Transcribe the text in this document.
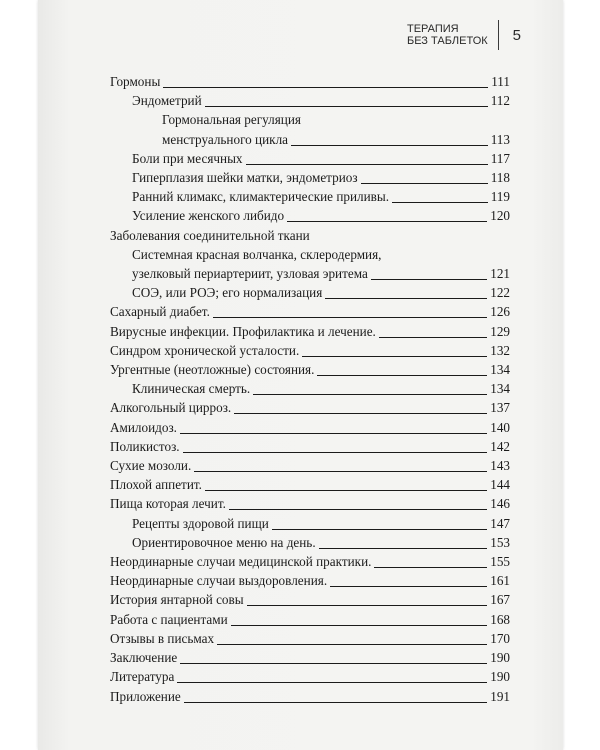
ТЕРАПИЯ
БЕЗ ТАБЛЕТОК	5
Гормоны	111
Эндометрий	112
Гормональная регуляция
менструального цикла	113
Боли при месячных	117
Гиперплазия шейки матки, эндометриоз	118
Ранний климакс, климактерические приливы.	119
Усиление женского либидо	120
Заболевания соединительной ткани
Системная красная волчанка, склеродермия,
узелковый периартериит, узловая эритема	121
СОЭ, или РОЭ; его нормализация	122
Сахарный диабет.	126
Вирусные инфекции. Профилактика и лечение.	129
Синдром хронической усталости.	132
Ургентные (неотложные) состояния.	134
Клиническая смерть.	134
Алкогольный цирроз.	137
Амилоидоз.	140
Поликистоз.	142
Сухие мозоли.	143
Плохой аппетит.	144
Пища которая лечит.	146
Рецепты здоровой пищи	147
Ориентировочное меню на день.	153
Неординарные случаи медицинской практики.	155
Неординарные случаи выздоровления.	161
История янтарной совы	167
Работа с пациентами	168
Отзывы в письмах	170
Заключение	190
Литература	190
Приложение	191
